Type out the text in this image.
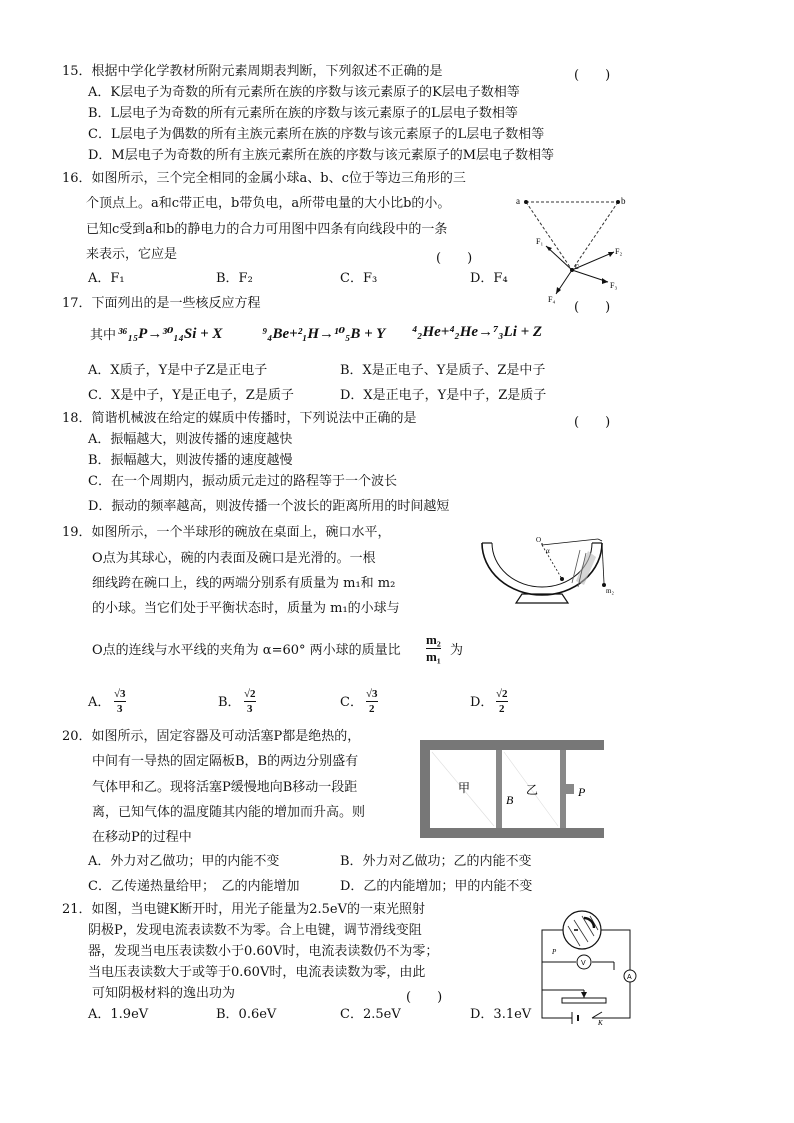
15．根据中学化学教材所附元素周期表判断，下列叙述不正确的是	(　　)
A．K层电子为奇数的所有元素所在族的序数与该元素原子的K层电子数相等
B．L层电子为奇数的所有元素所在族的序数与该元素原子的L层电子数相等
C．L层电子为偶数的所有主族元素所在族的序数与该元素原子的L层电子数相等
D．M层电子为奇数的所有主族元素所在族的序数与该元素原子的M层电子数相等
16．如图所示，三个完全相同的金属小球a、b、c位于等边三角形的三
个顶点上。a和c带正电，b带负电，a所带电量的大小比b的小。
已知c受到a和b的静电力的合力可用图中四条有向线段中的一条
来表示，它应是	(　　)
A．F₁	B．F₂	C．F₃	D．F₄
a	b
c
F₁
F₂
F₃
F₄
17．下面列出的是一些核反应方程	(　　)
其中 ³⁶₁₅P→³⁰₁₄Si + X	⁹₄Be+²₁H→¹⁰₅B + Y ⁴₂He+⁴₂He→⁷₃Li + Z
A．X质子，Y是中子Z是正电子	B．X是正电子、Y是质子、Z是中子
C．X是中子，Y是正电子，Z是质子	D．X是正电子，Y是中子，Z是质子
18．简谐机械波在给定的媒质中传播时，下列说法中正确的是	(　　)
A．振幅越大，则波传播的速度越快
B．振幅越大，则波传播的速度越慢
C．在一个周期内，振动质元走过的路程等于一个波长
D．振动的频率越高，则波传播一个波长的距离所用的时间越短
19．如图所示，一个半球形的碗放在桌面上，碗口水平，
O点为其球心，碗的内表面及碗口是光滑的。一根
细线跨在碗口上，线的两端分别系有质量为 m₁和 m₂
的小球。当它们处于平衡状态时，质量为 m₁的小球与
O点的连线与水平线的夹角为 α=60° 两小球的质量比
m₂
m₁ 为
A．
√3
3	B．
√2
3	C．
√3
2	D．
√2
2
O
α
m₂
20．如图所示，固定容器及可动活塞P都是绝热的，
中间有一导热的固定隔板B，B的两边分别盛有
气体甲和乙。现将活塞P缓慢地向B移动一段距
离，已知气体的温度随其内能的增加而升高。则
在移动P的过程中
A．外力对乙做功；甲的内能不变	B．外力对乙做功；乙的内能不变
C．乙传递热量给甲；　乙的内能增加	D．乙的内能增加；甲的内能不变
甲
B
乙	P
21．如图，当电键K断开时，用光子能量为2.5eV的一束光照射
阴极P，发现电流表读数不为零。合上电键，调节滑线变阻
器，发现当电压表读数小于0.60V时，电流表读数仍不为零；
当电压表读数大于或等于0.60V时，电流表读数为零，由此
可知阴极材料的逸出功为	(　　)
A．1.9eV	B．0.6eV	C．2.5eV	D．3.1eV
V
A
P
K
